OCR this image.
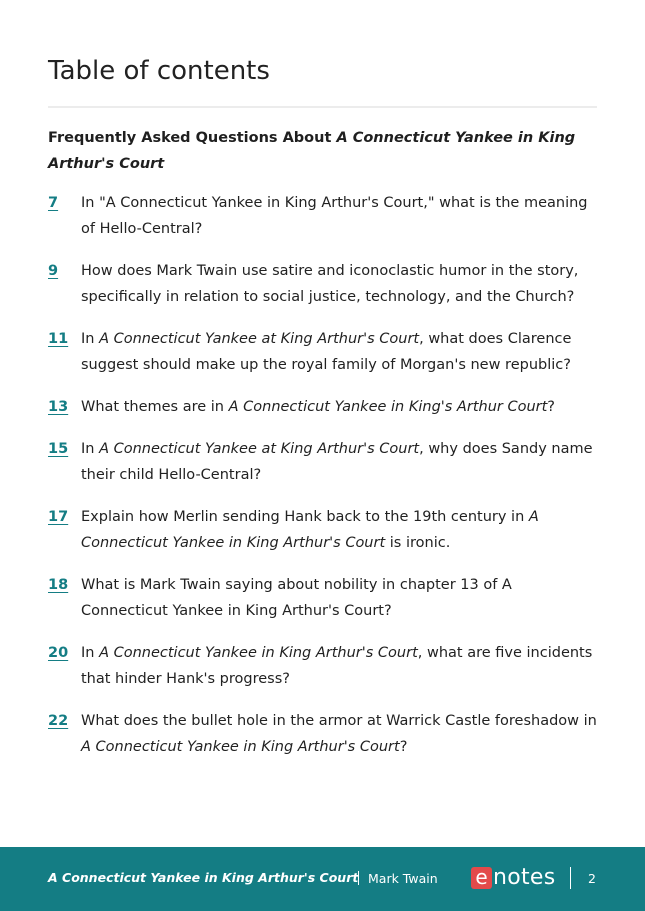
Table of contents
Frequently Asked Questions About A Connecticut Yankee in King Arthur's Court
7	In "A Connecticut Yankee in King Arthur's Court," what is the meaning of Hello-Central?
9	How does Mark Twain use satire and iconoclastic humor in the story, specifically in relation to social justice, technology, and the Church?
11 In A Connecticut Yankee at King Arthur's Court, what does Clarence suggest should make up the royal family of Morgan's new republic?
13 What themes are in A Connecticut Yankee in King's Arthur Court?
15 In A Connecticut Yankee at King Arthur's Court, why does Sandy name their child Hello-Central?
17 Explain how Merlin sending Hank back to the 19th century in A Connecticut Yankee in King Arthur's Court is ironic.
18 What is Mark Twain saying about nobility in chapter 13 of A Connecticut Yankee in King Arthur's Court?
20 In A Connecticut Yankee in King Arthur's Court, what are five incidents that hinder Hank's progress?
22 What does the bullet hole in the armor at Warrick Castle foreshadow in A Connecticut Yankee in King Arthur's Court?
A Connecticut Yankee in King Arthur's Court Mark Twain e notes	2
